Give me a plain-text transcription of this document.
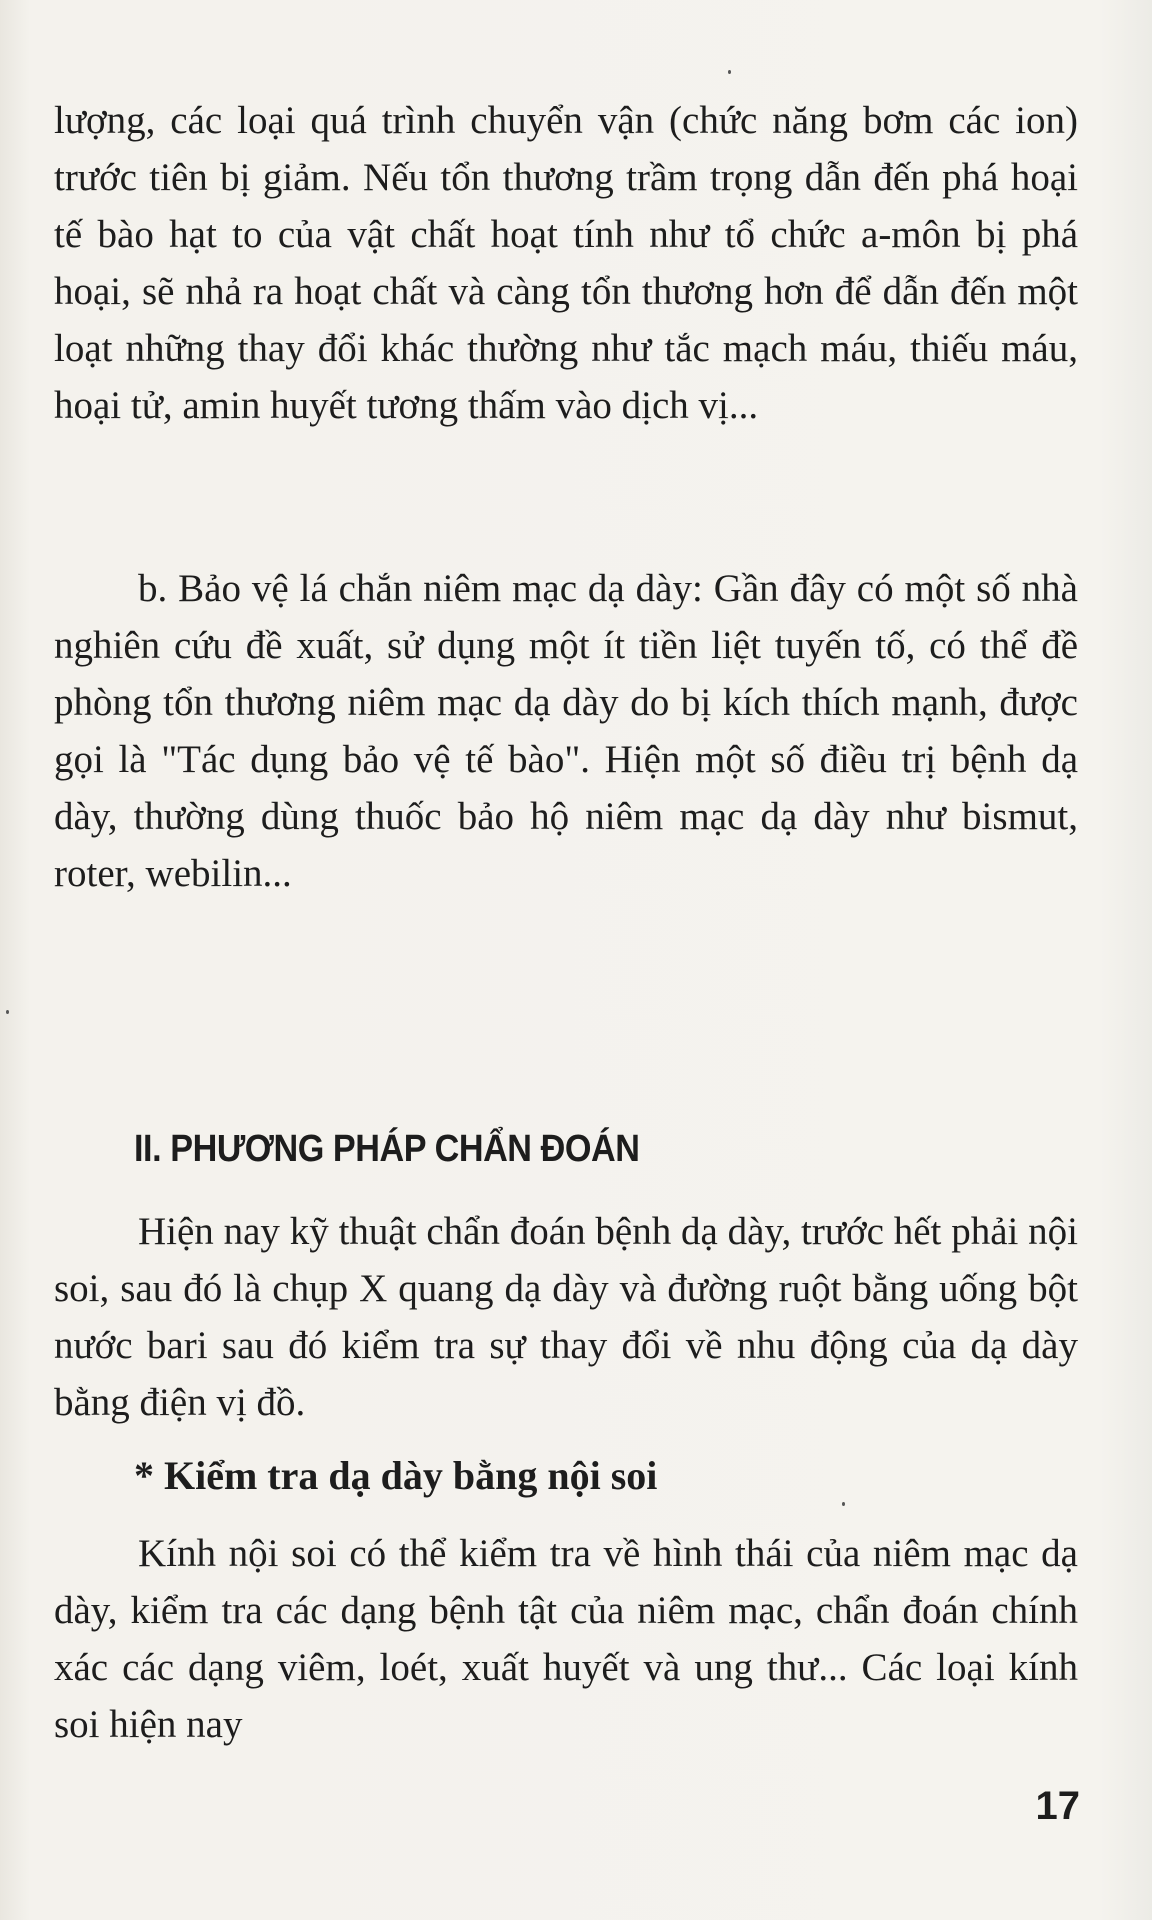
lượng, các loại quá trình chuyển vận (chức năng bơm các ion) trước tiên bị giảm. Nếu tổn thương trầm trọng dẫn đến phá hoại tế bào hạt to của vật chất hoạt tính như tổ chức a-môn bị phá hoại, sẽ nhả ra hoạt chất và càng tổn thương hơn để dẫn đến một loạt những thay đổi khác thường như tắc mạch máu, thiếu máu, hoại tử, amin huyết tương thấm vào dịch vị...

b. Bảo vệ lá chắn niêm mạc dạ dày: Gần đây có một số nhà nghiên cứu đề xuất, sử dụng một ít tiền liệt tuyến tố, có thể đề phòng tổn thương niêm mạc dạ dày do bị kích thích mạnh, được gọi là "Tác dụng bảo vệ tế bào". Hiện một số điều trị bệnh dạ dày, thường dùng thuốc bảo hộ niêm mạc dạ dày như bismut, roter, webilin...

II. PHƯƠNG PHÁP CHẨN ĐOÁN

Hiện nay kỹ thuật chẩn đoán bệnh dạ dày, trước hết phải nội soi, sau đó là chụp X quang dạ dày và đường ruột bằng uống bột nước bari sau đó kiểm tra sự thay đổi về nhu động của dạ dày bằng điện vị đồ.

* Kiểm tra dạ dày bằng nội soi

Kính nội soi có thể kiểm tra về hình thái của niêm mạc dạ dày, kiểm tra các dạng bệnh tật của niêm mạc, chẩn đoán chính xác các dạng viêm, loét, xuất huyết và ung thư... Các loại kính soi hiện nay

17
